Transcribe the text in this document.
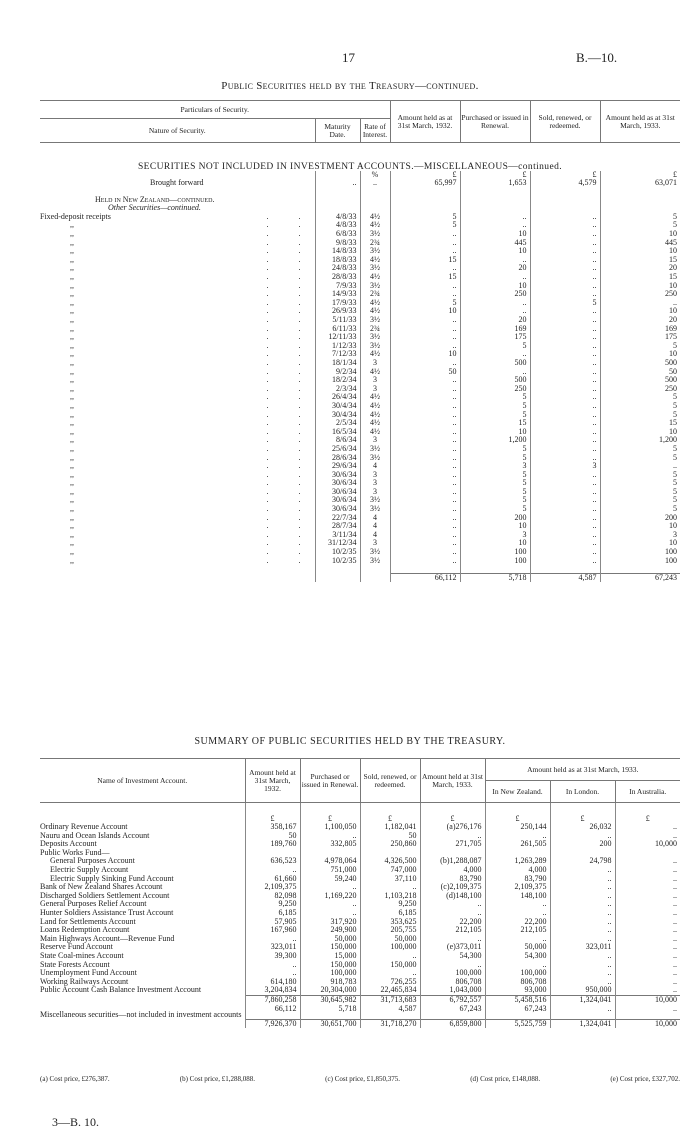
17	B.—10.
Public Securities held by the Treasury—continued.
Particulars of Security.			Amount held as at 31st March, 1932.	Purchased or issued in Renewal.	Sold, renewed, or redeemed.	Amount held as at 31st March, 1933.
Nature of Security.	Maturity Date.	Rate of Interest.				

		%	£	£	£	£
Brought forward	..	..	65,997	1,653	4,579	63,071

Held in New Zealand—continued.						
Other Securities—continued.						
Fixed-deposit receipts . .	4/8/33	4½	5	..	..	5
,, . .	4/8/33	4½	5	..	..	5
,, . .	6/8/33	3½	..	10	..	10
,, . .	9/8/33	2¾	..	445	..	445
,, . .	14/8/33	3½	..	10	..	10
,, . .	18/8/33	4½	15	..	..	15
,, . .	24/8/33	3½	..	20	..	20
,, . .	28/8/33	4½	15	..	..	15
,, . .	7/9/33	3½	..	10	..	10
,, . .	14/9/33	2¾	..	250	..	250
,, . .	17/9/33	4½	5	..	5	..
,, . .	26/9/33	4½	10	..	..	10
,, . .	5/11/33	3½	..	20	..	20
,, . .	6/11/33	2¾	..	169	..	169
,, . .	12/11/33	3½	..	175	..	175
,, . .	1/12/33	3½	..	5	..	5
,, . .	7/12/33	4½	10	..	..	10
,, . .	18/1/34	3	..	500	..	500
,, . .	9/2/34	4½	50	..	..	50
,, . .	18/2/34	3	..	500	..	500
,, . .	2/3/34	3	..	250	..	250
,, . .	26/4/34	4½	..	5	..	5
,, . .	30/4/34	4½	..	5	..	5
,, . .	30/4/34	4½	..	5	..	5
,, . .	2/5/34	4½	..	15	..	15
,, . .	16/5/34	4½	..	10	..	10
,, . .	8/6/34	3	..	1,200	..	1,200
,, . .	25/6/34	3½	..	5	..	5
,, . .	28/6/34	3½	..	5	..	5
,, . .	29/6/34	4	..	3	3	..
,, . .	30/6/34	3	..	5	..	5
,, . .	30/6/34	3	..	5	..	5
,, . .	30/6/34	3	..	5	..	5
,, . .	30/6/34	3½	..	5	..	5
,, . .	30/6/34	3½	..	5	..	5
,, . .	22/7/34	4	..	200	..	200
,, . .	28/7/34	4	..	10	..	10
,, . .	3/11/34	4	..	3	..	3
,, . .	31/12/34	3	..	10	..	10
,, . .	10/2/35	3½	..	100	..	100
,, . .	10/2/35	3½	..	100	..	100

			66,112	5,718	4,587	67,243
SECURITIES NOT INCLUDED IN INVESTMENT ACCOUNTS.—MISCELLANEOUS—continued.
SUMMARY OF PUBLIC SECURITIES HELD BY THE TREASURY.
Name of Investment Account.	Amount held at 31st March, 1932.	Purchased or issued in Renewal.	Sold, renewed, or redeemed.	Amount held at 31st March, 1933.	Amount held as at 31st March, 1933.		
					In New Zealand.	In London.	In Australia.

	£	£	£	£	£	£	£
Ordinary Revenue Account	358,167	1,100,050	1,182,041	(a)276,176	250,144	26,032	..
Nauru and Ocean Islands Account	50	..	50	..	..	..	..
Deposits Account	189,760	332,805	250,860	271,705	261,505	200	10,000
Public Works Fund—							
General Purposes Account	636,523	4,978,064	4,326,500	(b)1,288,087	1,263,289	24,798	..
Electric Supply Account	..	751,000	747,000	4,000	4,000	..	..
Electric Supply Sinking Fund Account	61,660	59,240	37,110	83,790	83,790	..	..
Bank of New Zealand Shares Account	2,109,375	..	..	(c)2,109,375	2,109,375	..	..
Discharged Soldiers Settlement Account	82,098	1,169,220	1,103,218	(d)148,100	148,100	..	..
General Purposes Relief Account	9,250	..	9,250	..	..	..	..
Hunter Soldiers Assistance Trust Account	6,185	..	6,185	..	..	..	..
Land for Settlements Account	57,905	317,920	353,625	22,200	22,200	..	..
Loans Redemption Account	167,960	249,900	205,755	212,105	212,105	..	..
Main Highways Account—Revenue Fund	..	50,000	50,000	..	..	..	..
Reserve Fund Account	323,011	150,000	100,000	(e)373,011	50,000	323,011	..
State Coal-mines Account	39,300	15,000	..	54,300	54,300	..	..
State Forests Account	..	150,000	150,000	..	..	..	..
Unemployment Fund Account	..	100,000	..	100,000	100,000	..	..
Working Railways Account	614,180	918,783	726,255	806,708	806,708	..	..
Public Account Cash Balance Investment Account	3,204,834	20,304,000	22,465,834	1,043,000	93,000	950,000	..
	7,860,258	30,645,982	31,713,683	6,792,557	5,458,516	1,324,041	10,000
Miscellaneous securities—not included in investment accounts	66,112	5,718	4,587	67,243	67,243	..	..
	7,926,370	30,651,700	31,718,270	6,859,800	5,525,759	1,324,041	10,000
(a) Cost price, £276,387.	(b) Cost price, £1,288,088.	(c) Cost price, £1,850,375.	(d) Cost price, £148,088.	(e) Cost price, £327,702.
3—B. 10.
